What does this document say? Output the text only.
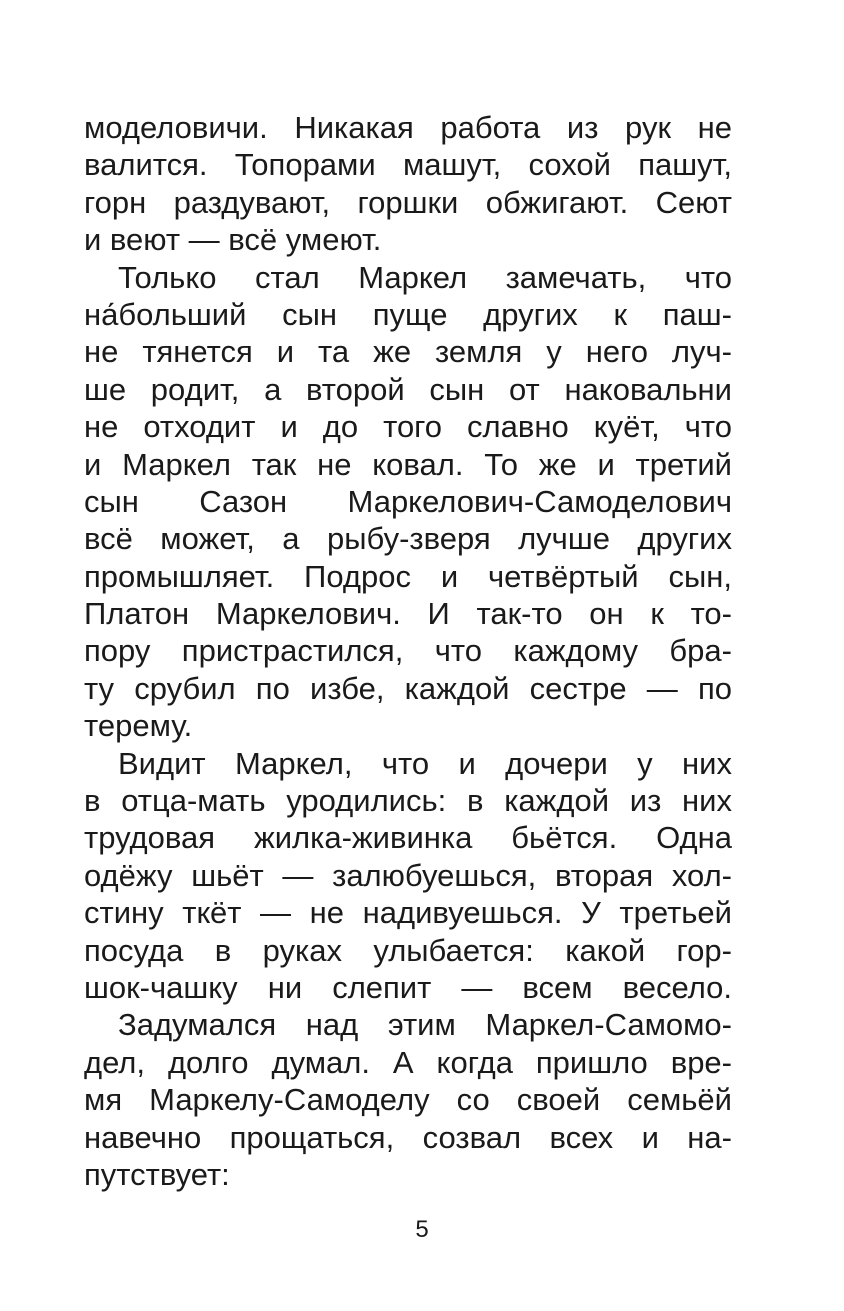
моделовичи. Никакая работа из рук не
валится. Топорами машут, сохой пашут,
горн раздувают, горшки обжигают. Сеют
и веют — всё умеют.
Только стал Маркел замечать, что
на́больший сын пуще других к паш-
не тянется и та же земля у него луч-
ше родит, а второй сын от наковальни
не отходит и до того славно куёт, что
и Маркел так не ковал. То же и третий
сын Сазон Маркелович-Самоделович
всё может, а рыбу-зверя лучше других
промышляет. Подрос и четвёртый сын,
Платон Маркелович. И так-то он к то-
пору пристрастился, что каждому бра-
ту срубил по избе, каждой сестре — по
терему.
Видит Маркел, что и дочери у них
в отца-мать уродились: в каждой из них
трудовая жилка-живинка бьётся. Одна
одёжу шьёт — залюбуешься, вторая хол-
стину ткёт — не надивуешься. У третьей
посуда в руках улыбается: какой гор-
шок-чашку ни слепит — всем весело.
Задумался над этим Маркел-Самомо-
дел, долго думал. А когда пришло вре-
мя Маркелу-Самоделу со своей семьёй
навечно прощаться, созвал всех и на-
путствует:
5
